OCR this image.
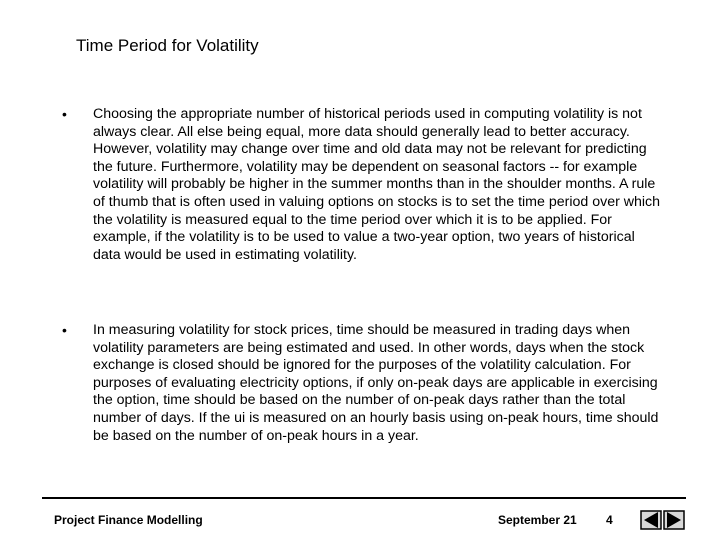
Time Period for Volatility
• Choosing the appropriate number of historical periods used in computing volatility is not always clear. All else being equal, more data should generally lead to better accuracy. However, volatility may change over time and old data may not be relevant for predicting the future. Furthermore, volatility may be dependent on seasonal factors -- for example volatility will probably be higher in the summer months than in the shoulder months. A rule of thumb that is often used in valuing options on stocks is to set the time period over which the volatility is measured equal to the time period over which it is to be applied. For example, if the volatility is to be used to value a two-year option, two years of historical data would be used in estimating volatility.

• In measuring volatility for stock prices, time should be measured in trading days when volatility parameters are being estimated and used. In other words, days when the stock exchange is closed should be ignored for the purposes of the volatility calculation. For purposes of evaluating electricity options, if only on-peak days are applicable in exercising the option, time should be based on the number of on-peak days rather than the total number of days. If the ui is measured on an hourly basis using on-peak hours, time should be based on the number of on-peak hours in a year.

Project Finance Modelling	September 21 4
